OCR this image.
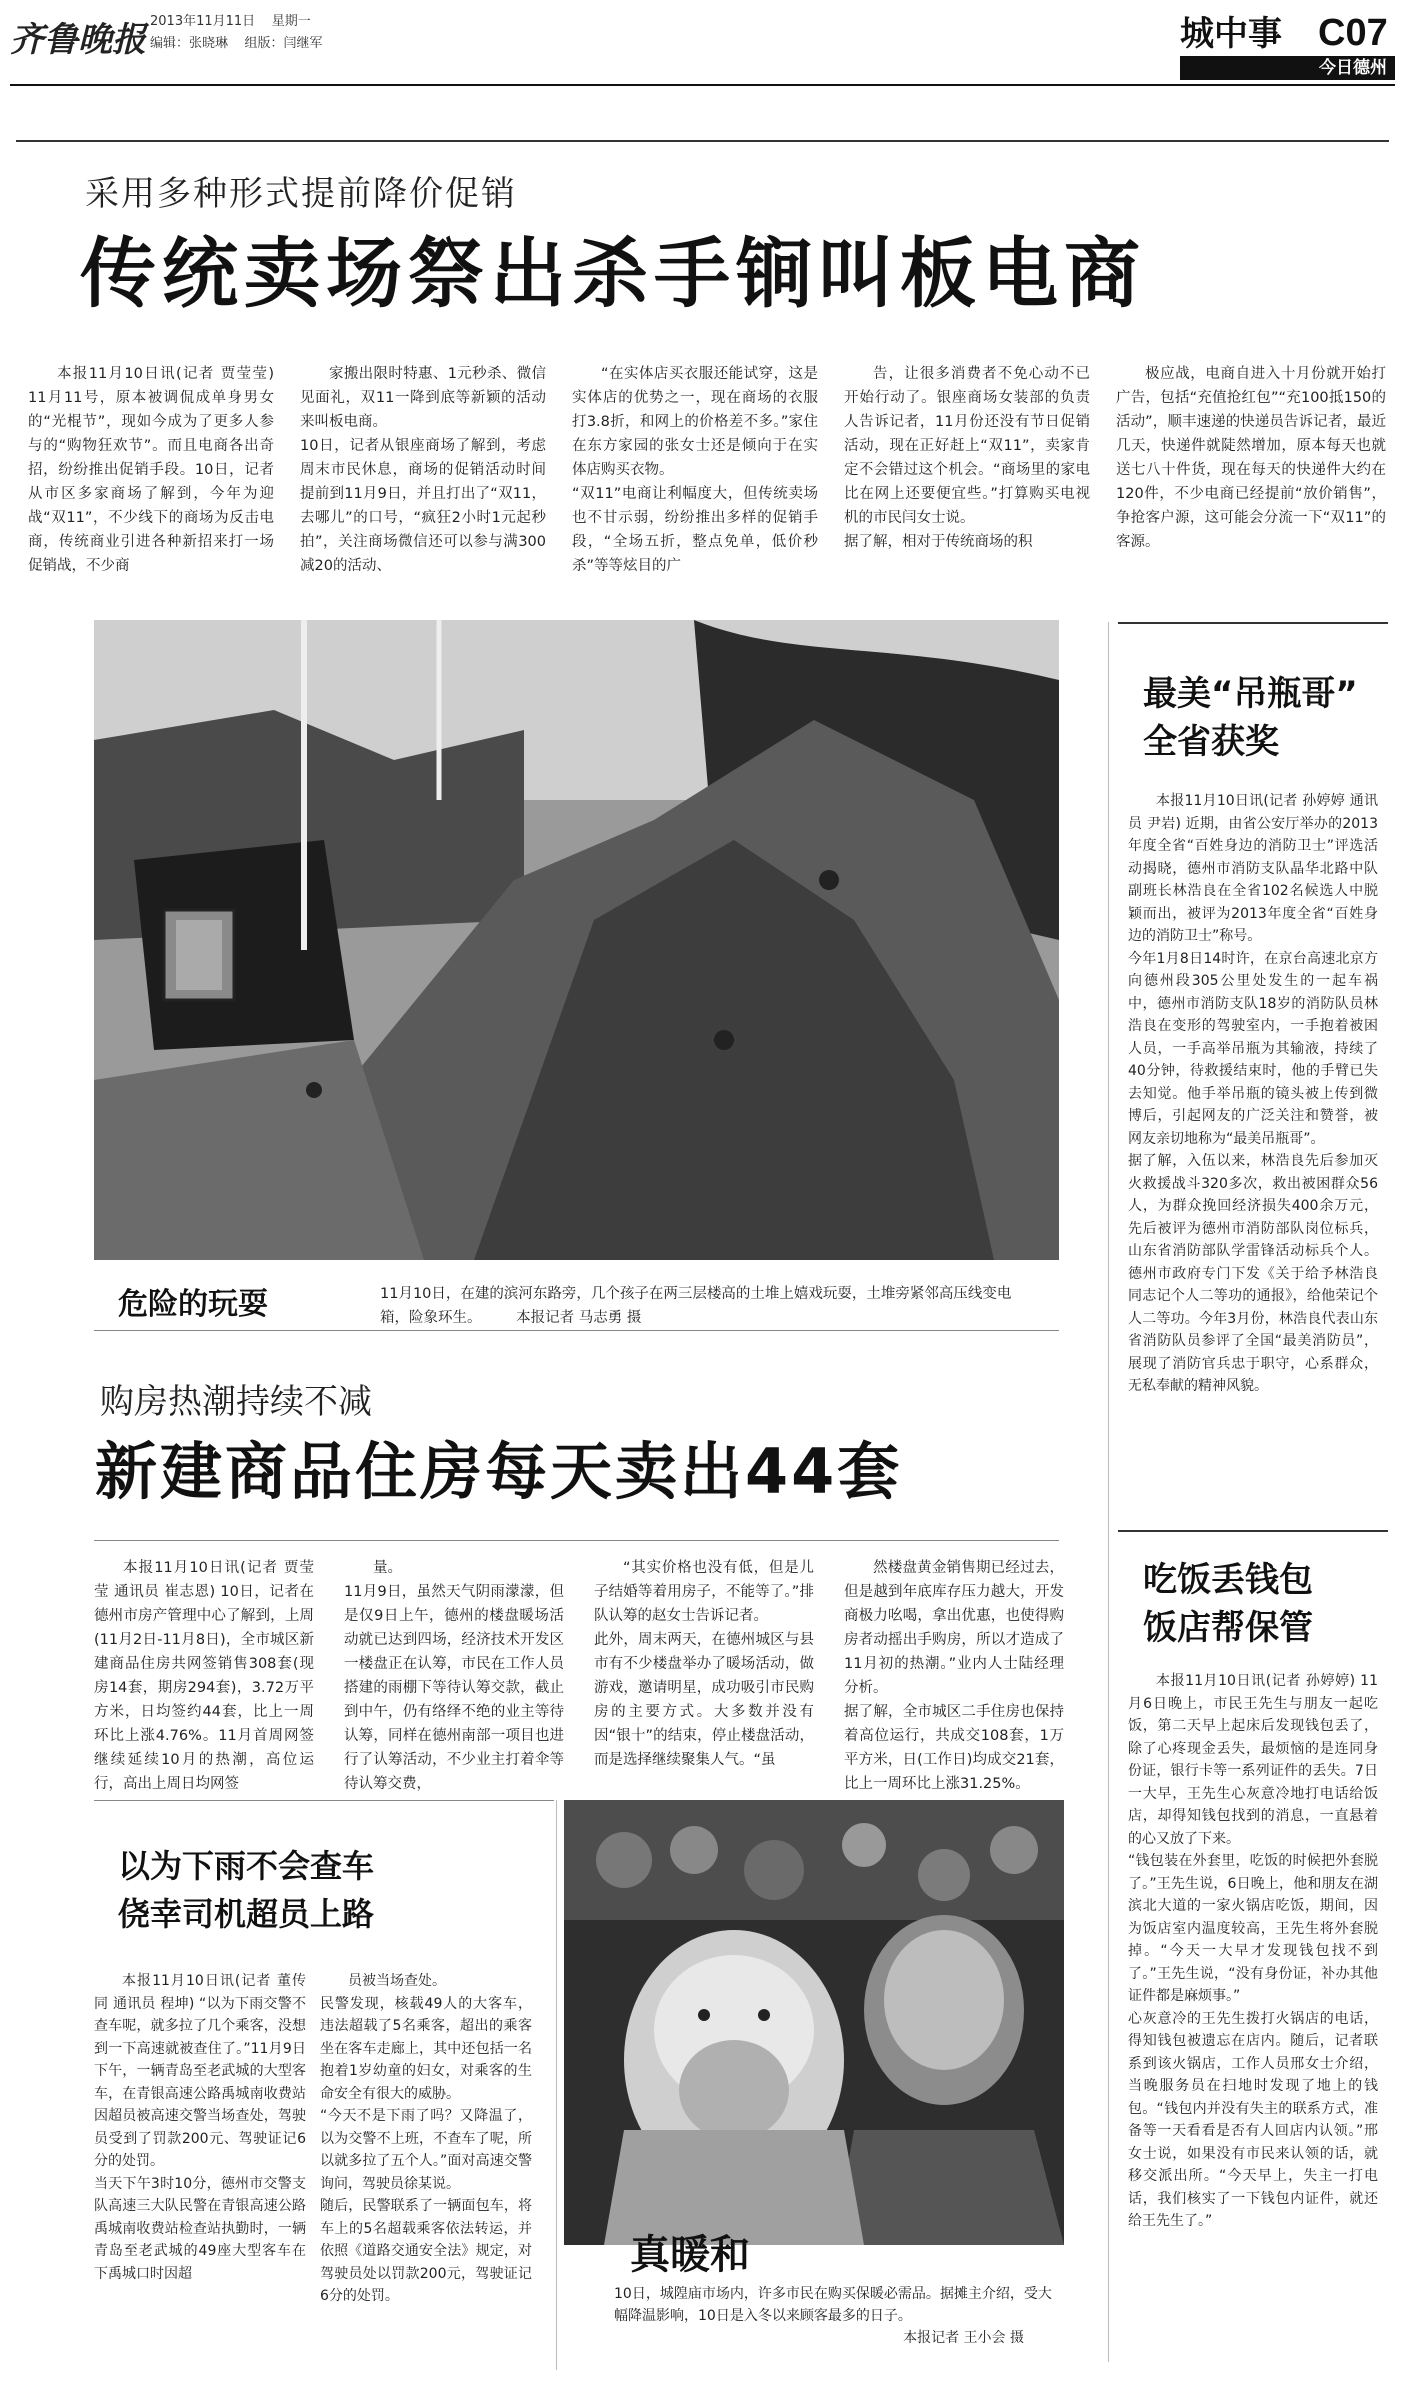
齐鲁晚报 2013年11月11日 星期一
编辑：张晓琳 组版：闫继军	城中事 C07
今日德州
采用多种形式提前降价促销
传统卖场祭出杀手锏叫板电商

本报11月10日讯(记者 贾莹莹) 11月11号，原本被调侃成单身男女的“光棍节”，现如今成为了更多人参与的“购物狂欢节”。而且电商各出奇招，纷纷推出促销手段。10日，记者从市区多家商场了解到，今年为迎战“双11”，不少线下的商场为反击电商，传统商业引进各种新招来打一场促销战，不少商

家搬出限时特惠、1元秒杀、微信见面礼，双11一降到底等新颖的活动来叫板电商。
10日，记者从银座商场了解到，考虑周末市民休息，商场的促销活动时间提前到11月9日，并且打出了“双11，去哪儿”的口号，“疯狂2小时1元起秒拍”，关注商场微信还可以参与满300减20的活动、

“在实体店买衣服还能试穿，这是实体店的优势之一，现在商场的衣服打3.8折，和网上的价格差不多。”家住在东方家园的张女士还是倾向于在实体店购买衣物。
“双11”电商让利幅度大，但传统卖场也不甘示弱，纷纷推出多样的促销手段，“全场五折，整点免单，低价秒杀”等等炫目的广

告，让很多消费者不免心动不已开始行动了。银座商场女装部的负责人告诉记者，11月份还没有节日促销活动，现在正好赶上“双11”，卖家肯定不会错过这个机会。“商场里的家电比在网上还要便宜些。”打算购买电视机的市民闫女士说。
据了解，相对于传统商场的积

极应战，电商自进入十月份就开始打广告，包括“充值抢红包”“充100抵150的活动”，顺丰速递的快递员告诉记者，最近几天，快递件就陡然增加，原本每天也就送七八十件货，现在每天的快递件大约在120件，不少电商已经提前“放价销售”，争抢客户源，这可能会分流一下“双11”的客源。

危险的玩耍	11月10日，在建的滨河东路旁，几个孩子在两三层楼高的土堆上嬉戏玩耍，土堆旁紧邻高压线变电箱，险象环生。 本报记者 马志勇 摄
最美“吊瓶哥”
全省获奖

本报11月10日讯(记者 孙婷婷 通讯员 尹岩) 近期，由省公安厅举办的2013年度全省“百姓身边的消防卫士”评选活动揭晓，德州市消防支队晶华北路中队副班长林浩良在全省102名候选人中脱颖而出，被评为2013年度全省“百姓身边的消防卫士”称号。
今年1月8日14时许，在京台高速北京方向德州段305公里处发生的一起车祸中，德州市消防支队18岁的消防队员林浩良在变形的驾驶室内，一手抱着被困人员，一手高举吊瓶为其输液，持续了40分钟，待救援结束时，他的手臂已失去知觉。他手举吊瓶的镜头被上传到微博后，引起网友的广泛关注和赞誉，被网友亲切地称为“最美吊瓶哥”。
据了解，入伍以来，林浩良先后参加灭火救援战斗320多次，救出被困群众56人，为群众挽回经济损失400余万元，先后被评为德州市消防部队岗位标兵，山东省消防部队学雷锋活动标兵个人。德州市政府专门下发《关于给予林浩良同志记个人二等功的通报》，给他荣记个人二等功。今年3月份，林浩良代表山东省消防队员参评了全国“最美消防员”，展现了消防官兵忠于职守，心系群众，无私奉献的精神风貌。

购房热潮持续不减
新建商品住房每天卖出44套

本报11月10日讯(记者 贾莹莹 通讯员 崔志恩) 10日，记者在德州市房产管理中心了解到，上周(11月2日-11月8日)，全市城区新建商品住房共网签销售308套(现房14套，期房294套)，3.72万平方米，日均签约44套，比上一周环比上涨4.76%。11月首周网签继续延续10月的热潮，高位运行，高出上周日均网签

量。
11月9日，虽然天气阴雨濛濛，但是仅9日上午，德州的楼盘暖场活动就已达到四场，经济技术开发区一楼盘正在认筹，市民在工作人员搭建的雨棚下等待认筹交款，截止到中午，仍有络绎不绝的业主等待认筹，同样在德州南部一项目也进行了认筹活动，不少业主打着伞等待认筹交费，

“其实价格也没有低，但是儿子结婚等着用房子，不能等了。”排队认筹的赵女士告诉记者。
此外，周末两天，在德州城区与县市有不少楼盘举办了暖场活动，做游戏，邀请明星，成功吸引市民购房的主要方式。大多数并没有因“银十”的结束，停止楼盘活动，而是选择继续聚集人气。“虽

然楼盘黄金销售期已经过去，但是越到年底库存压力越大，开发商极力吆喝，拿出优惠，也使得购房者动摇出手购房，所以才造成了11月初的热潮。”业内人士陆经理分析。
据了解，全市城区二手住房也保持着高位运行，共成交108套，1万平方米，日(工作日)均成交21套，比上一周环比上涨31.25%。

吃饭丢钱包
饭店帮保管

本报11月10日讯(记者 孙婷婷) 11月6日晚上，市民王先生与朋友一起吃饭，第二天早上起床后发现钱包丢了，除了心疼现金丢失，最烦恼的是连同身份证，银行卡等一系列证件的丢失。7日一大早，王先生心灰意冷地打电话给饭店，却得知钱包找到的消息，一直悬着的心又放了下来。
“钱包装在外套里，吃饭的时候把外套脱了。”王先生说，6日晚上，他和朋友在湖滨北大道的一家火锅店吃饭，期间，因为饭店室内温度较高，王先生将外套脱掉。“今天一大早才发现钱包找不到了。”王先生说，“没有身份证，补办其他证件都是麻烦事。”
心灰意冷的王先生拨打火锅店的电话，得知钱包被遗忘在店内。随后，记者联系到该火锅店，工作人员邢女士介绍，当晚服务员在扫地时发现了地上的钱包。“钱包内并没有失主的联系方式，准备等一天看看是否有人回店内认领。”邢女士说，如果没有市民来认领的话，就移交派出所。“今天早上，失主一打电话，我们核实了一下钱包内证件，就还给王先生了。”

以为下雨不会查车
侥幸司机超员上路

本报11月10日讯(记者 董传同 通讯员 程坤) “以为下雨交警不查车呢，就多拉了几个乘客，没想到一下高速就被查住了。”11月9日下午，一辆青岛至老武城的大型客车，在青银高速公路禹城南收费站因超员被高速交警当场查处，驾驶员受到了罚款200元、驾驶证记6分的处罚。
当天下午3时10分，德州市交警支队高速三大队民警在青银高速公路禹城南收费站检查站执勤时，一辆青岛至老武城的49座大型客车在下禹城口时因超

员被当场查处。
民警发现，核载49人的大客车，违法超载了5名乘客，超出的乘客坐在客车走廊上，其中还包括一名抱着1岁幼童的妇女，对乘客的生命安全有很大的威胁。
“今天不是下雨了吗？又降温了，以为交警不上班，不查车了呢，所以就多拉了五个人。”面对高速交警询问，驾驶员徐某说。
随后，民警联系了一辆面包车，将车上的5名超载乘客依法转运，并依照《道路交通安全法》规定，对驾驶员处以罚款200元，驾驶证记6分的处罚。

真暖和
10日，城隍庙市场内，许多市民在购买保暖必需品。据摊主介绍，受大幅降温影响，10日是入冬以来顾客最多的日子。
本报记者 王小会 摄
